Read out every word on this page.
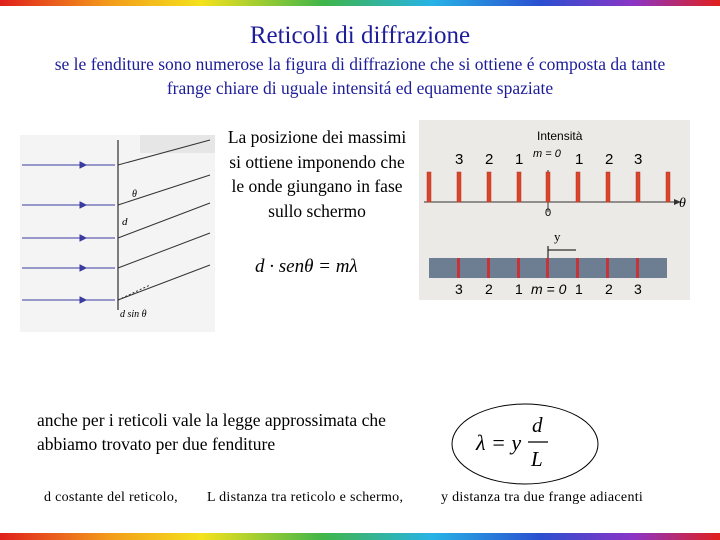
Reticoli di diffrazione
se le fenditure sono numerose la figura di diffrazione che si ottiene é composta da tante frange chiare di uguale intensitá ed equamente spaziate
θ
d
d sin θ
La posizione dei massimi si ottiene imponendo che le onde giungano in fase sullo schermo
d · senθ = mλ
Intensità
m = 0
3 2 1	1 2 3
θ
0
3 2 1 m = 0 1 2 3
y
anche per i reticoli vale la legge approssimata che abbiamo trovato per due fenditure	λ = y
d
L
d costante del reticolo, L distanza tra reticolo e schermo,	y distanza tra due frange adiacenti
